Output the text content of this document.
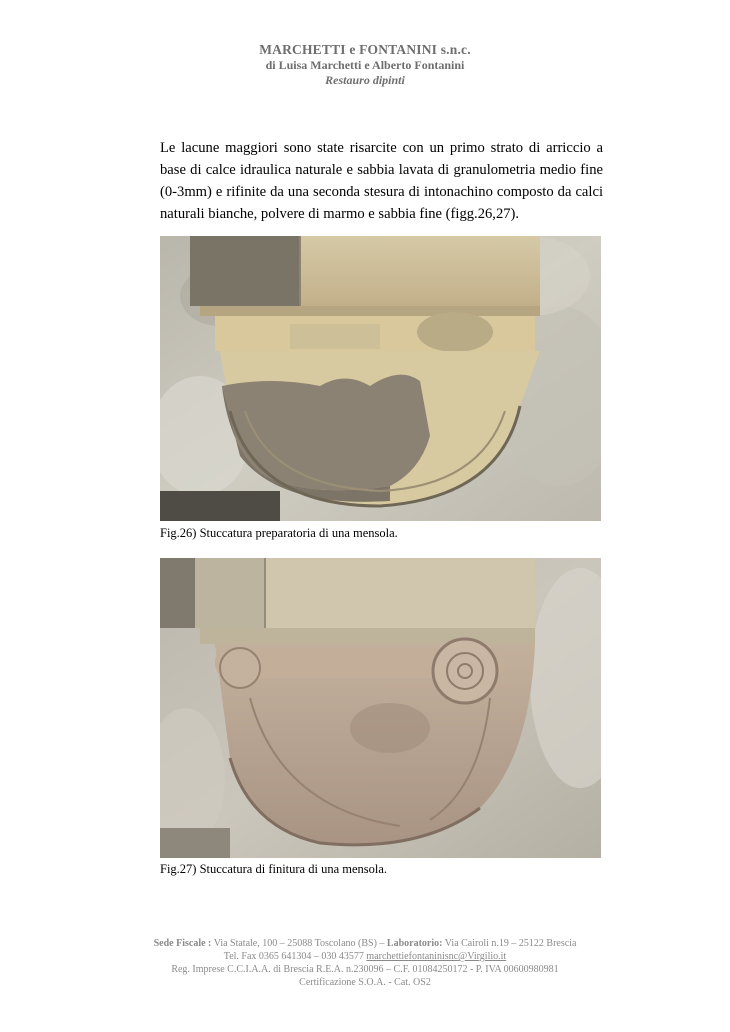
MARCHETTI e FONTANINI s.n.c.
di Luisa Marchetti e Alberto Fontanini
Restauro dipinti
Le lacune maggiori sono state risarcite con un primo strato di arriccio a base di calce idraulica naturale e sabbia lavata di granulometria medio fine (0-3mm) e rifinite da una seconda stesura di intonachino composto da calci naturali bianche, polvere di marmo e sabbia fine (figg.26,27).
Fig.26) Stuccatura preparatoria di una mensola.
Fig.27) Stuccatura di finitura di una mensola.
Sede Fiscale : Via Statale, 100 – 25088 Toscolano (BS) – Laboratorio: Via Cairoli n.19 – 25122 Brescia
Tel. Fax 0365 641304 – 030 43577 marchettiefontaninisnc@Virgilio.it
Reg. Imprese C.C.I.A.A. di Brescia R.E.A. n.230096 – C.F. 01084250172 - P. IVA 00600980981
Certificazione S.O.A. - Cat. OS2
